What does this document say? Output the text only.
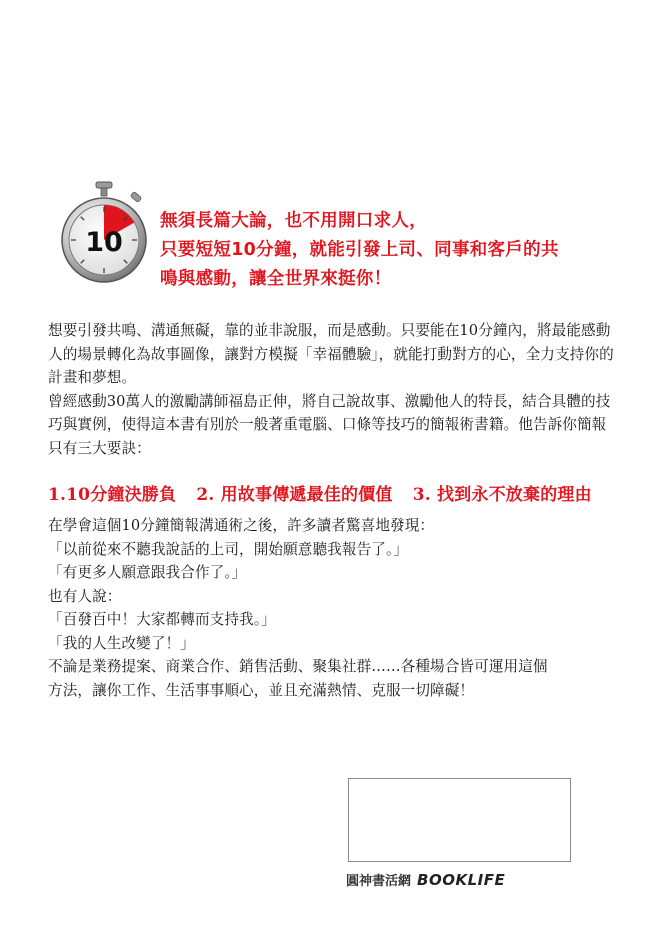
10
無須長篇大論，也不用開口求人，
只要短短10分鐘，就能引發上司、同事和客戶的共
鳴與感動，讓全世界來挺你！

想要引發共鳴、溝通無礙，靠的並非說服，而是感動。只要能在10分鐘內，將最能感動人的場景轉化為故事圖像，讓對方模擬「幸福體驗」，就能打動對方的心，全力支持你的計畫和夢想。

曾經感動30萬人的激勵講師福島正伸，將自己說故事、激勵他人的特長，結合具體的技巧與實例，使得這本書有別於一般著重電腦、口條等技巧的簡報術書籍。他告訴你簡報只有三大要訣：

1.10分鐘決勝負 2. 用故事傳遞最佳的價值 3. 找到永不放棄的理由
在學會這個10分鐘簡報溝通術之後，許多讀者驚喜地發現：
「以前從來不聽我說話的上司，開始願意聽我報告了。」
「有更多人願意跟我合作了。」
也有人說：
「百發百中！大家都轉而支持我。」
「我的人生改變了！」
不論是業務提案、商業合作、銷售活動、聚集社群……各種場合皆可運用這個
方法，讓你工作、生活事事順心，並且充滿熱情、克服一切障礙！
圓神書活網 BOOKLIFE
